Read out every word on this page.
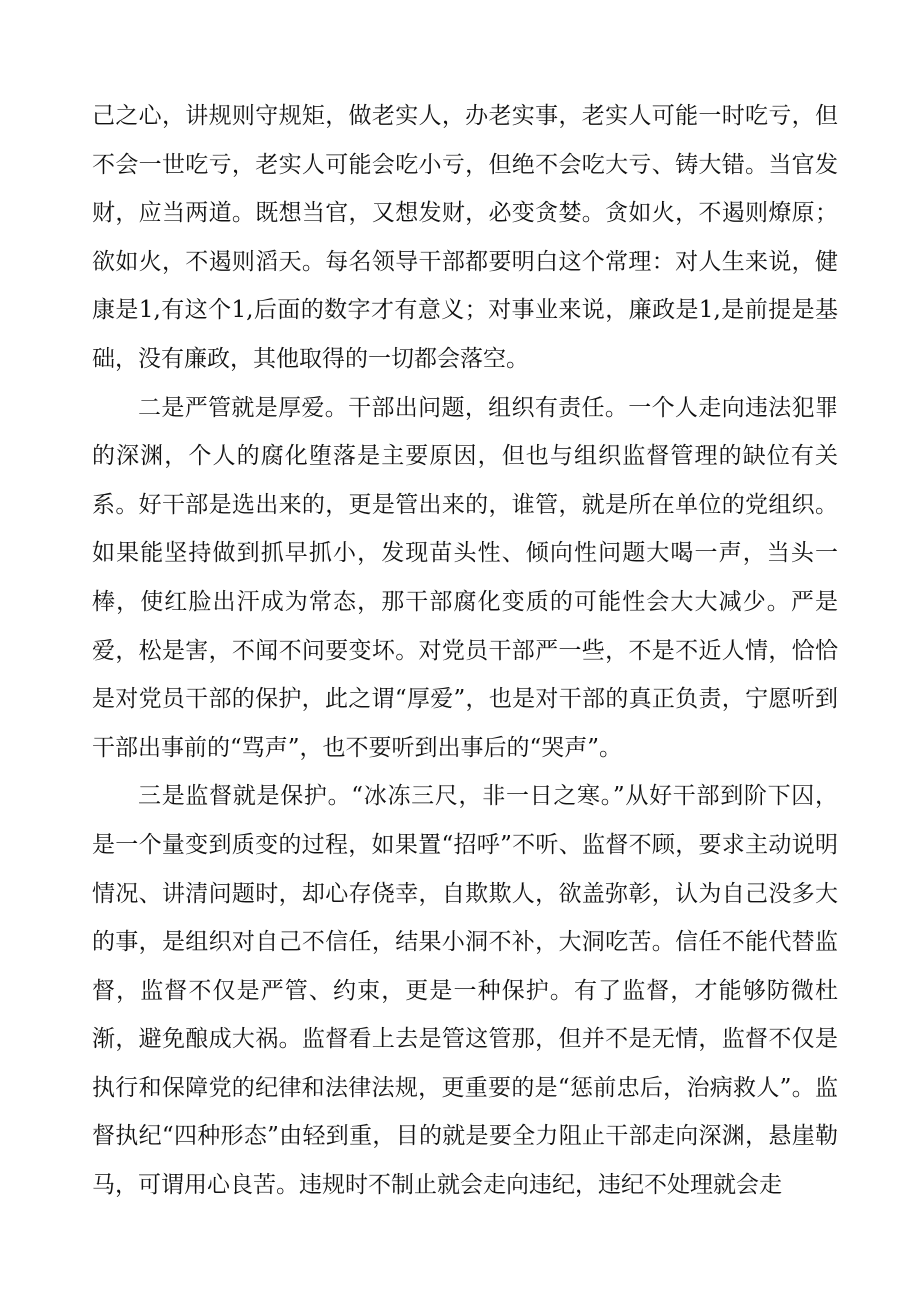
己之心，讲规则守规矩，做老实人，办老实事，老实人可能一时吃亏，但不会一世吃亏，老实人可能会吃小亏，但绝不会吃大亏、铸大错。当官发财，应当两道。既想当官，又想发财，必变贪婪。贪如火，不遏则燎原；欲如火，不遏则滔天。每名领导干部都要明白这个常理：对人生来说，健康是1,有这个1,后面的数字才有意义；对事业来说，廉政是1,是前提是基础，没有廉政，其他取得的一切都会落空。

二是严管就是厚爱。干部出问题，组织有责任。一个人走向违法犯罪的深渊，个人的腐化堕落是主要原因，但也与组织监督管理的缺位有关系。好干部是选出来的，更是管出来的，谁管，就是所在单位的党组织。如果能坚持做到抓早抓小，发现苗头性、倾向性问题大喝一声，当头一棒，使红脸出汗成为常态，那干部腐化变质的可能性会大大减少。严是爱，松是害，不闻不问要变坏。对党员干部严一些，不是不近人情，恰恰是对党员干部的保护，此之谓“厚爱”，也是对干部的真正负责，宁愿听到干部出事前的“骂声”，也不要听到出事后的“哭声”。

三是监督就是保护。“冰冻三尺，非一日之寒。”从好干部到阶下囚，是一个量变到质变的过程，如果置“招呼”不听、监督不顾，要求主动说明情况、讲清问题时，却心存侥幸，自欺欺人，欲盖弥彰，认为自己没多大的事，是组织对自己不信任，结果小洞不补，大洞吃苦。信任不能代替监督，监督不仅是严管、约束，更是一种保护。有了监督，才能够防微杜渐，避免酿成大祸。监督看上去是管这管那，但并不是无情，监督不仅是执行和保障党的纪律和法律法规，更重要的是“惩前忠后，治病救人”。监督执纪“四种形态”由轻到重，目的就是要全力阻止干部走向深渊，悬崖勒马，可谓用心良苦。违规时不制止就会走向违纪，违纪不处理就会走
